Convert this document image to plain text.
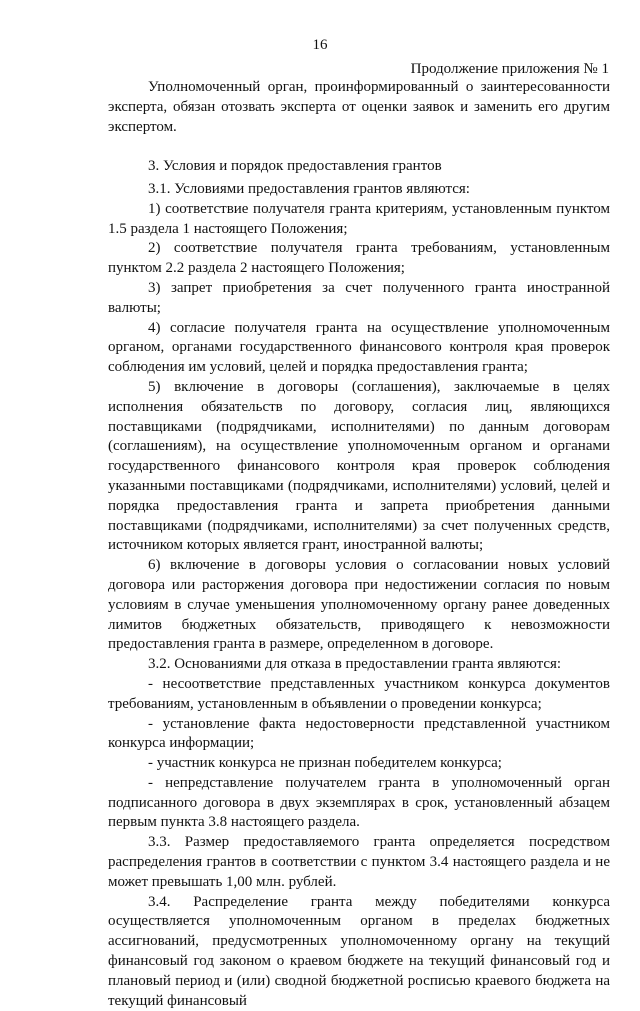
16
Продолжение приложения № 1

Уполномоченный орган, проинформированный о заинтересованности эксперта, обязан отозвать эксперта от оценки заявок и заменить его другим экспертом.

3. Условия и порядок предоставления грантов

3.1. Условиями предоставления грантов являются:

1) соответствие получателя гранта критериям, установленным пунктом 1.5 раздела 1 настоящего Положения;

2) соответствие получателя гранта требованиям, установленным пунктом 2.2 раздела 2 настоящего Положения;

3) запрет приобретения за счет полученного гранта иностранной валюты;

4) согласие получателя гранта на осуществление уполномоченным органом, органами государственного финансового контроля края проверок соблюдения им условий, целей и порядка предоставления гранта;

5) включение в договоры (соглашения), заключаемые в целях исполнения обязательств по договору, согласия лиц, являющихся поставщиками (подрядчиками, исполнителями) по данным договорам (соглашениям), на осуществление уполномоченным органом и органами государственного финансового контроля края проверок соблюдения указанными поставщиками (подрядчиками, исполнителями) условий, целей и порядка предоставления гранта и запрета приобретения данными поставщиками (подрядчиками, исполнителями) за счет полученных средств, источником которых является грант, иностранной валюты;

6) включение в договоры условия о согласовании новых условий договора или расторжения договора при недостижении согласия по новым условиям в случае уменьшения уполномоченному органу ранее доведенных лимитов бюджетных обязательств, приводящего к невозможности предоставления гранта в размере, определенном в договоре.

3.2. Основаниями для отказа в предоставлении гранта являются:

- несоответствие представленных участником конкурса документов требованиям, установленным в объявлении о проведении конкурса;

- установление факта недостоверности представленной участником конкурса информации;

- участник конкурса не признан победителем конкурса;

- непредставление получателем гранта в уполномоченный орган подписанного договора в двух экземплярах в срок, установленный абзацем первым пункта 3.8 настоящего раздела.

3.3. Размер предоставляемого гранта определяется посредством распределения грантов в соответствии с пунктом 3.4 настоящего раздела и не может превышать 1,00 млн. рублей.

3.4. Распределение гранта между победителями конкурса осуществляется уполномоченным органом в пределах бюджетных ассигнований, предусмотренных уполномоченному органу на текущий финансовый год законом о краевом бюджете на текущий финансовый год и плановый период и (или) сводной бюджетной росписью краевого бюджета на текущий финансовый
